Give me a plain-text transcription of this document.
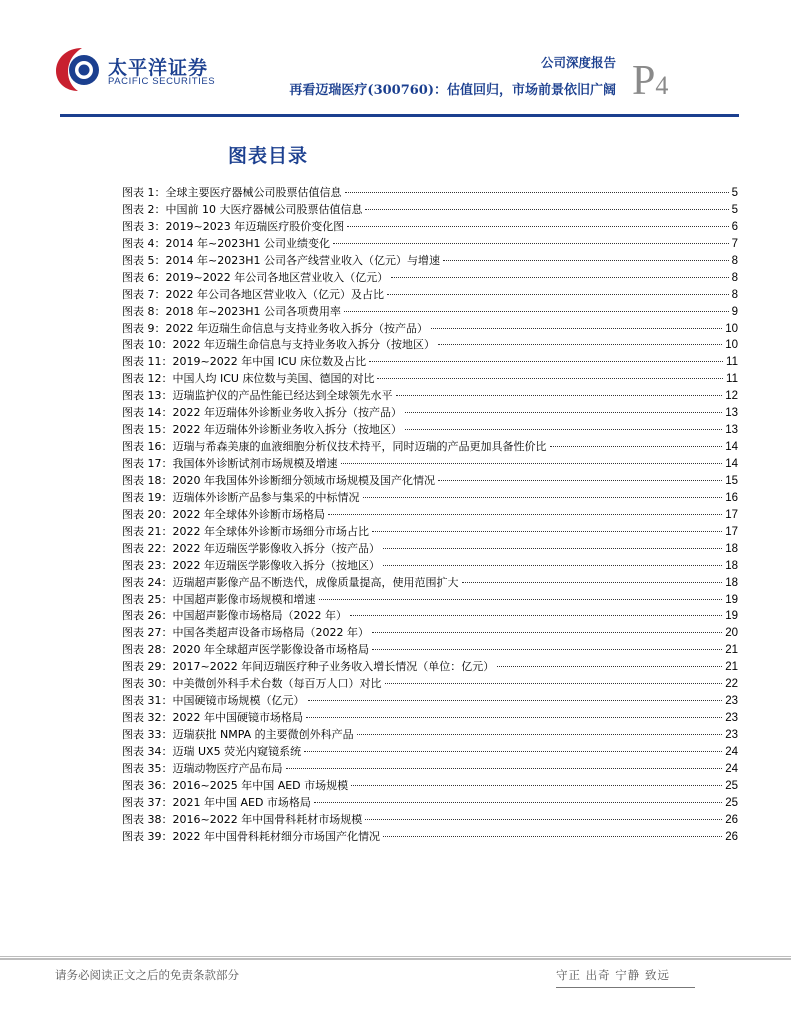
太平洋证券
PACIFIC SECURITIES
公司深度报告
再看迈瑞医疗(300760)：估值回归，市场前景依旧广阔 P4
图表目录
图表 1：全球主要医疗器械公司股票估值信息	5
图表 2：中国前 10 大医疗器械公司股票估值信息	5
图表 3：2019~2023 年迈瑞医疗股价变化图	6
图表 4：2014 年~2023H1 公司业绩变化	7
图表 5：2014 年~2023H1 公司各产线营业收入（亿元）与增速	8
图表 6：2019~2022 年公司各地区营业收入（亿元）	8
图表 7：2022 年公司各地区营业收入（亿元）及占比	8
图表 8：2018 年~2023H1 公司各项费用率	9
图表 9：2022 年迈瑞生命信息与支持业务收入拆分（按产品）	10
图表 10：2022 年迈瑞生命信息与支持业务收入拆分（按地区）	10
图表 11：2019~2022 年中国 ICU 床位数及占比	11
图表 12：中国人均 ICU 床位数与美国、德国的对比	11
图表 13：迈瑞监护仪的产品性能已经达到全球领先水平	12
图表 14：2022 年迈瑞体外诊断业务收入拆分（按产品）	13
图表 15：2022 年迈瑞体外诊断业务收入拆分（按地区）	13
图表 16：迈瑞与希森美康的血液细胞分析仪技术持平，同时迈瑞的产品更加具备性价比	14
图表 17：我国体外诊断试剂市场规模及增速	14
图表 18：2020 年我国体外诊断细分领域市场规模及国产化情况	15
图表 19：迈瑞体外诊断产品参与集采的中标情况	16
图表 20：2022 年全球体外诊断市场格局	17
图表 21：2022 年全球体外诊断市场细分市场占比	17
图表 22：2022 年迈瑞医学影像收入拆分（按产品）	18
图表 23：2022 年迈瑞医学影像收入拆分（按地区）	18
图表 24：迈瑞超声影像产品不断迭代，成像质量提高，使用范围扩大	18
图表 25：中国超声影像市场规模和增速	19
图表 26：中国超声影像市场格局（2022 年）	19
图表 27：中国各类超声设备市场格局（2022 年）	20
图表 28：2020 年全球超声医学影像设备市场格局	21
图表 29：2017~2022 年间迈瑞医疗种子业务收入增长情况（单位：亿元）	21
图表 30：中美微创外科手术台数（每百万人口）对比	22
图表 31：中国硬镜市场规模（亿元）	23
图表 32：2022 年中国硬镜市场格局	23
图表 33：迈瑞获批 NMPA 的主要微创外科产品	23
图表 34：迈瑞 UX5 荧光内窥镜系统	24
图表 35：迈瑞动物医疗产品布局	24
图表 36：2016~2025 年中国 AED 市场规模	25
图表 37：2021 年中国 AED 市场格局	25
图表 38：2016~2022 年中国骨科耗材市场规模	26
图表 39：2022 年中国骨科耗材细分市场国产化情况	26
请务必阅读正文之后的免责条款部分	守正 出奇 宁静 致远
